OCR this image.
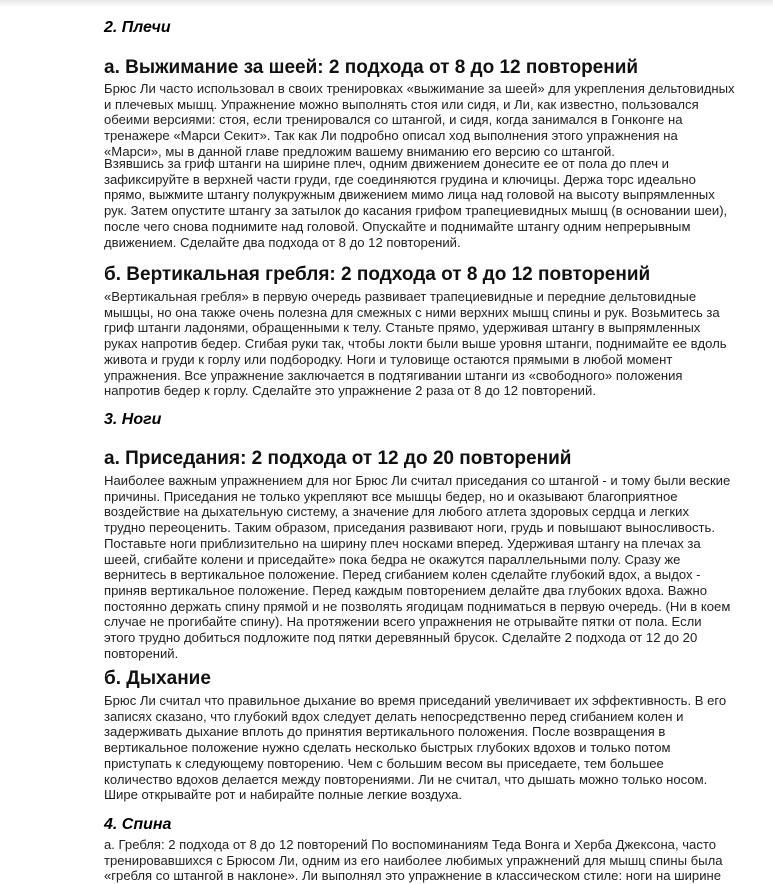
2. Плечи
а. Выжимание за шеей: 2 подхода от 8 до 12 повторений
Брюс Ли часто использовал в своих тренировках «выжимание за шеей» для укрепления дельтовидных
и плечевых мышц. Упражнение можно выполнять стоя или сидя, и Ли, как известно, пользовался
обеими версиями: стоя, если тренировался со штангой, и сидя, когда занимался в Гонконге на
тренажере «Марси Секит». Так как Ли подробно описал ход выполнения этого упражнения на
«Марси», мы в данной главе предложим вашему вниманию его версию со штангой.
Взявшись за гриф штанги на ширине плеч, одним движением донесите ее от пола до плеч и
зафиксируйте в верхней части груди, где соединяются грудина и ключицы. Держа торс идеально
прямо, выжмите штангу полукружным движением мимо лица над головой на высоту выпрямленных
рук. Затем опустите штангу за затылок до касания грифом трапециевидных мышц (в основании шеи),
после чего снова поднимите над головой. Опускайте и поднимайте штангу одним непрерывным
движением. Сделайте два подхода от 8 до 12 повторений.
б. Вертикальная гребля: 2 подхода от 8 до 12 повторений
«Вертикальная гребля» в первую очередь развивает трапециевидные и передние дельтовидные
мышцы, но она также очень полезна для смежных с ними верхних мышц спины и рук. Возьмитесь за
гриф штанги ладонями, обращенными к телу. Станьте прямо, удерживая штангу в выпрямленных
руках напротив бедер. Сгибая руки так, чтобы локти были выше уровня штанги, поднимайте ее вдоль
живота и груди к горлу или подбородку. Ноги и туловище остаются прямыми в любой момент
упражнения. Все упражнение заключается в подтягивании штанги из «свободного» положения
напротив бедер к горлу. Сделайте это упражнение 2 раза от 8 до 12 повторений.
3. Ноги
а. Приседания: 2 подхода от 12 до 20 повторений
Наиболее важным упражнением для ног Брюс Ли считал приседания со штангой - и тому были веские
причины. Приседания не только укрепляют все мышцы бедер, но и оказывают благоприятное
воздействие на дыхательную систему, а значение для любого атлета здоровых сердца и легких
трудно переоценить. Таким образом, приседания развивают ноги, грудь и повышают выносливость.
Поставьте ноги приблизительно на ширину плеч носками вперед. Удерживая штангу на плечах за
шеей, сгибайте колени и приседайте» пока бедра не окажутся параллельными полу. Сразу же
вернитесь в вертикальное положение. Перед сгибанием колен сделайте глубокий вдох, а выдох -
приняв вертикальное положение. Перед каждым повторением делайте два глубоких вдоха. Важно
постоянно держать спину прямой и не позволять ягодицам подниматься в первую очередь. (Ни в коем
случае не прогибайте спину). На протяжении всего упражнения не отрывайте пятки от пола. Если
этого трудно добиться подложите под пятки деревянный брусок. Сделайте 2 подхода от 12 до 20
повторений.
б. Дыхание
Брюс Ли считал что правильное дыхание во время приседаний увеличивает их эффективность. В его
записях сказано, что глубокий вдох следует делать непосредственно перед сгибанием колен и
задерживать дыхание вплоть до принятия вертикального положения. После возвращения в
вертикальное положение нужно сделать несколько быстрых глубоких вдохов и только потом
приступать к следующему повторению. Чем с большим весом вы приседаете, тем большее
количество вдохов делается между повторениями. Ли не считал, что дышать можно только носом.
Шире открывайте рот и набирайте полные легкие воздуха.
4. Спина
а. Гребля: 2 подхода от 8 до 12 повторений По воспоминаниям Теда Вонга и Херба Джексона, часто
тренировавшихся с Брюсом Ли, одним из его наиболее любимых упражнений для мышц спины была
«гребля со штангой в наклоне». Ли выполнял это упражнение в классическом стиле: ноги на ширине
